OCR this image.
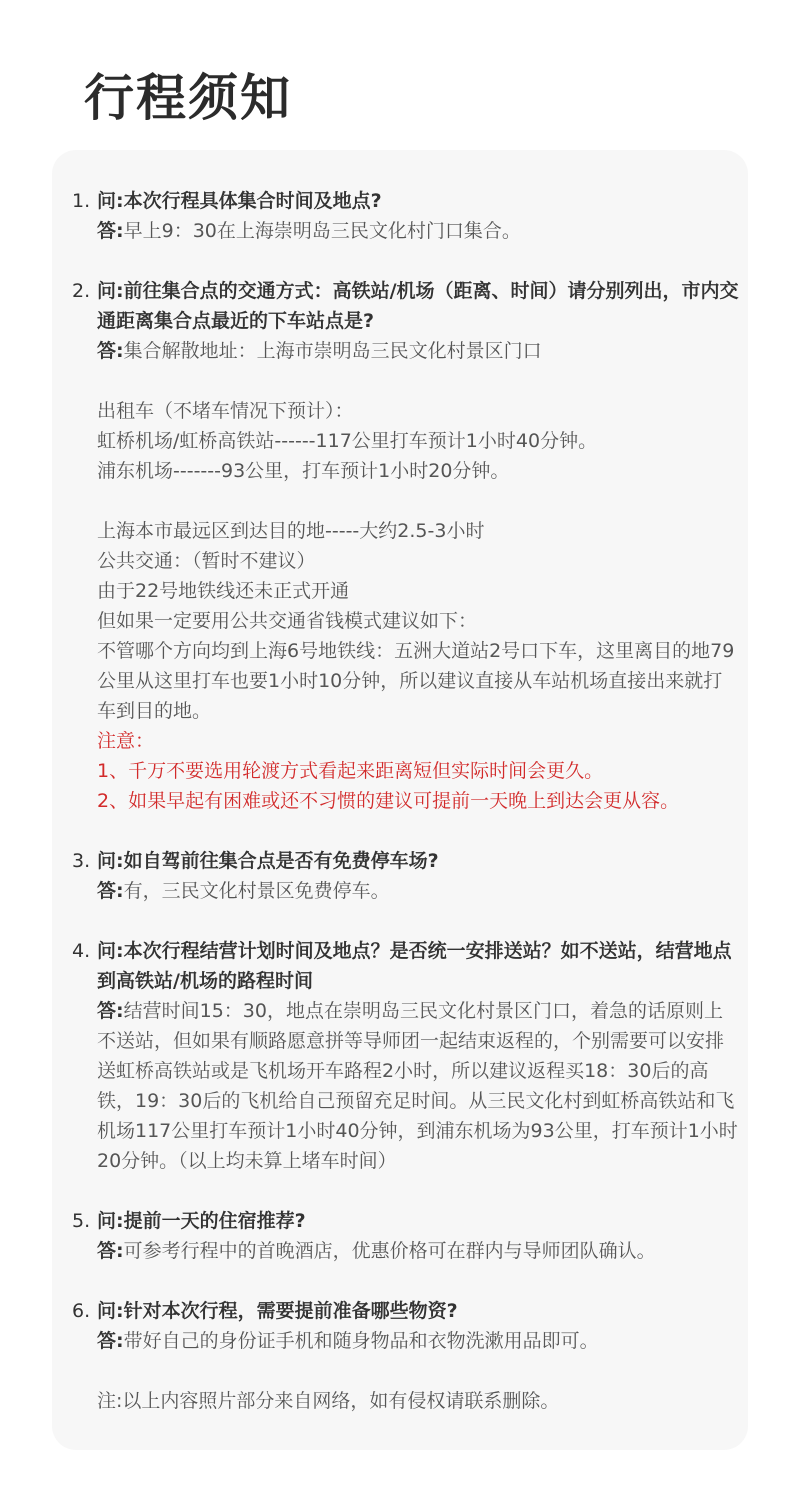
行程须知
1. 问:本次行程具体集合时间及地点?

答:早上9：30在上海崇明岛三民文化村门口集合。

2. 问:前往集合点的交通方式：高铁站/机场（距离、时间）请分别列出，市内交通距离集合点最近的下车站点是?

答:集合解散地址：上海市崇明岛三民文化村景区门口

出租车（不堵车情况下预计）：

虹桥机场/虹桥高铁站------117公里打车预计1小时40分钟。

浦东机场-------93公里，打车预计1小时20分钟。

上海本市最远区到达目的地-----大约2.5-3小时

公共交通：（暂时不建议）

由于22号地铁线还未正式开通

但如果一定要用公共交通省钱模式建议如下：

不管哪个方向均到上海6号地铁线：五洲大道站2号口下车，这里离目的地79公里从这里打车也要1小时10分钟，所以建议直接从车站机场直接出来就打车到目的地。

注意：

1、千万不要选用轮渡方式看起来距离短但实际时间会更久。

2、如果早起有困难或还不习惯的建议可提前一天晚上到达会更从容。

3. 问:如自驾前往集合点是否有免费停车场?

答:有，三民文化村景区免费停车。

4. 问:本次行程结营计划时间及地点？是否统一安排送站？如不送站，结营地点到高铁站/机场的路程时间

答:结营时间15：30，地点在崇明岛三民文化村景区门口，着急的话原则上不送站，但如果有顺路愿意拼等导师团一起结束返程的，个别需要可以安排送虹桥高铁站或是飞机场开车路程2小时，所以建议返程买18：30后的高铁，19：30后的飞机给自己预留充足时间。从三民文化村到虹桥高铁站和飞机场117公里打车预计1小时40分钟，到浦东机场为93公里，打车预计1小时20分钟。（以上均未算上堵车时间）

5. 问:提前一天的住宿推荐?

答:可参考行程中的首晚酒店，优惠价格可在群内与导师团队确认。

6. 问:针对本次行程，需要提前准备哪些物资?

答:带好自己的身份证手机和随身物品和衣物洗漱用品即可。

注:以上内容照片部分来自网络，如有侵权请联系删除。
